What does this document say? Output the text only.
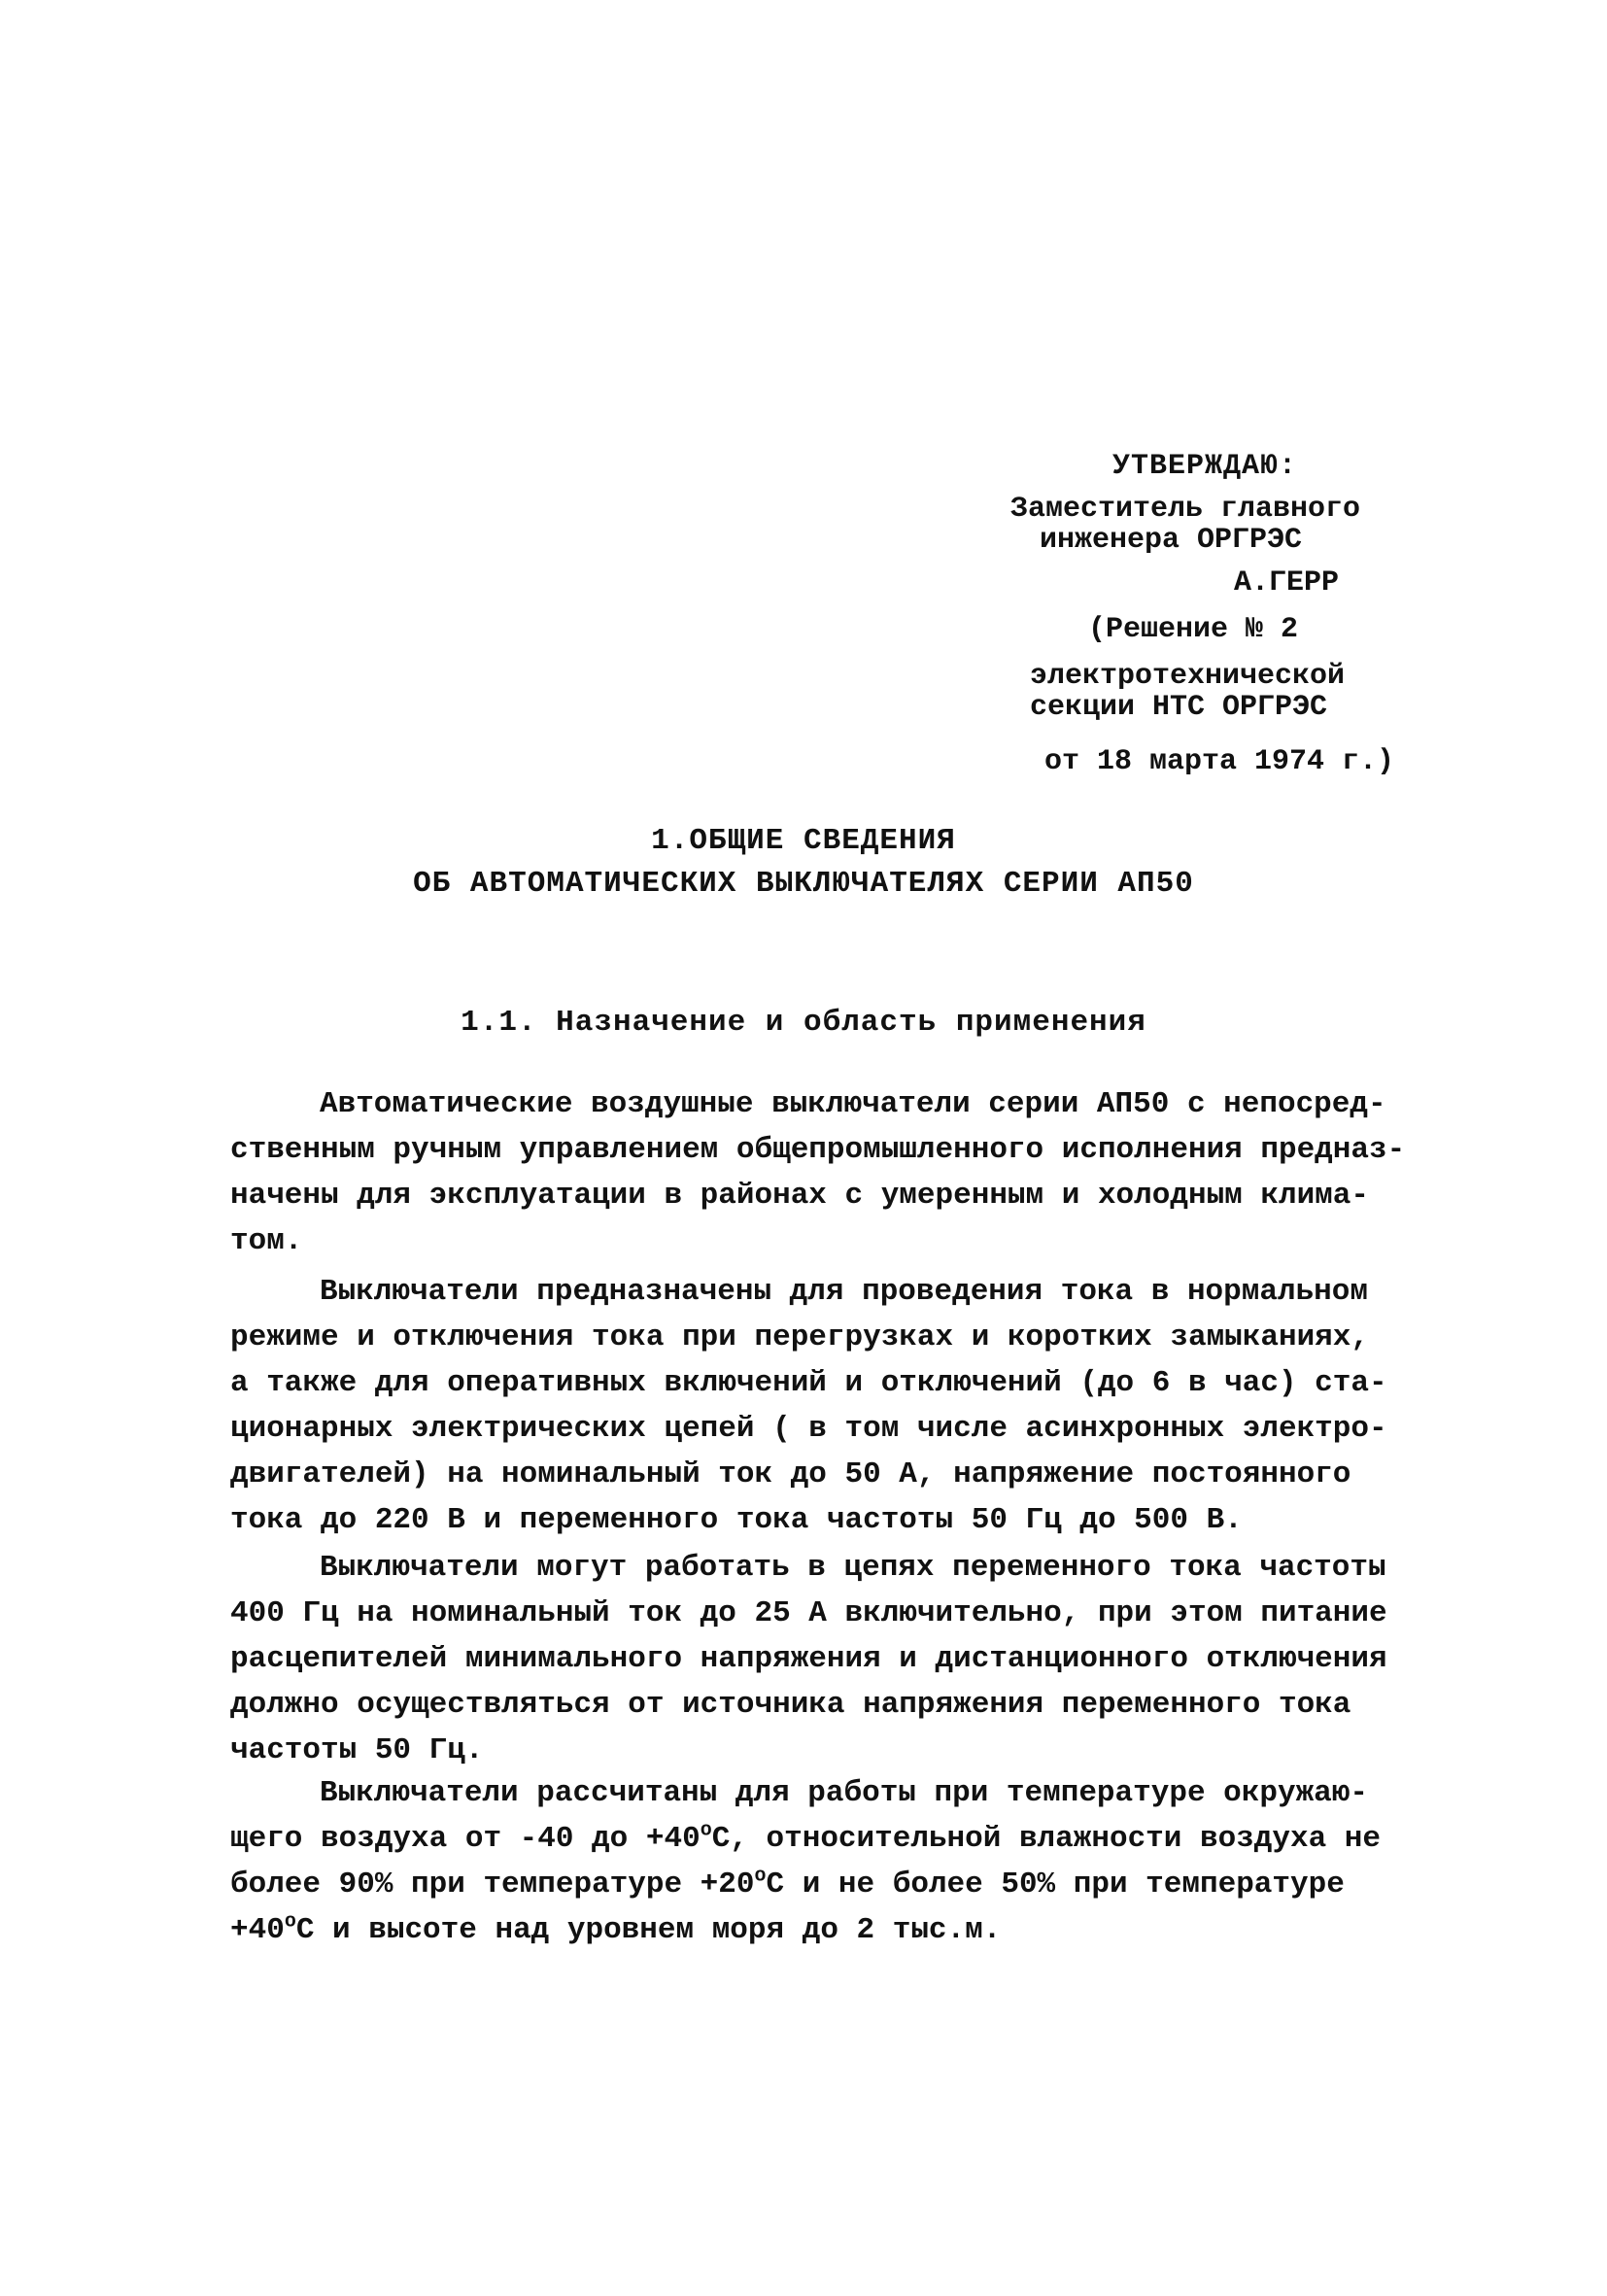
УТВЕРЖДАЮ:
Заместитель главного
инженера ОРГРЭС
А.ГЕРР
(Решение № 2
электротехнической
секции НТС ОРГРЭС
от 18 марта 1974 г.)
1.ОБЩИЕ СВЕДЕНИЯ
ОБ АВТОМАТИЧЕСКИХ ВЫКЛЮЧАТЕЛЯХ СЕРИИ АП50
1.1. Назначение и область применения
Автоматические воздушные выключатели серии АП50 с непосред-
ственным ручным управлением общепромышленного исполнения предназ-
начены для эксплуатации в районах с умеренным и холодным клима-
том.
Выключатели предназначены для проведения тока в нормальном
режиме и отключения тока при перегрузках и коротких замыканиях,
а также для оперативных включений и отключений (до 6 в час) ста-
ционарных электрических цепей ( в том числе асинхронных электро-
двигателей) на номинальный ток до 50 А, напряжение постоянного
тока до 220 В и переменного тока частоты 50 Гц до 500 В.
Выключатели могут работать в цепях переменного тока частоты
400 Гц на номинальный ток до 25 А включительно, при этом питание
расцепителей минимального напряжения и дистанционного отключения
должно осуществляться от источника напряжения переменного тока
частоты 50 Гц.
Выключатели рассчитаны для работы при температуре окружаю-
щего воздуха от -40 до $+40^оС$, относительной влажности воздуха не
более 90% при температуре $+20^оС$ и не более 50% при температуре
$+40^оС$ и высоте над уровнем моря до 2 тыс.м.
